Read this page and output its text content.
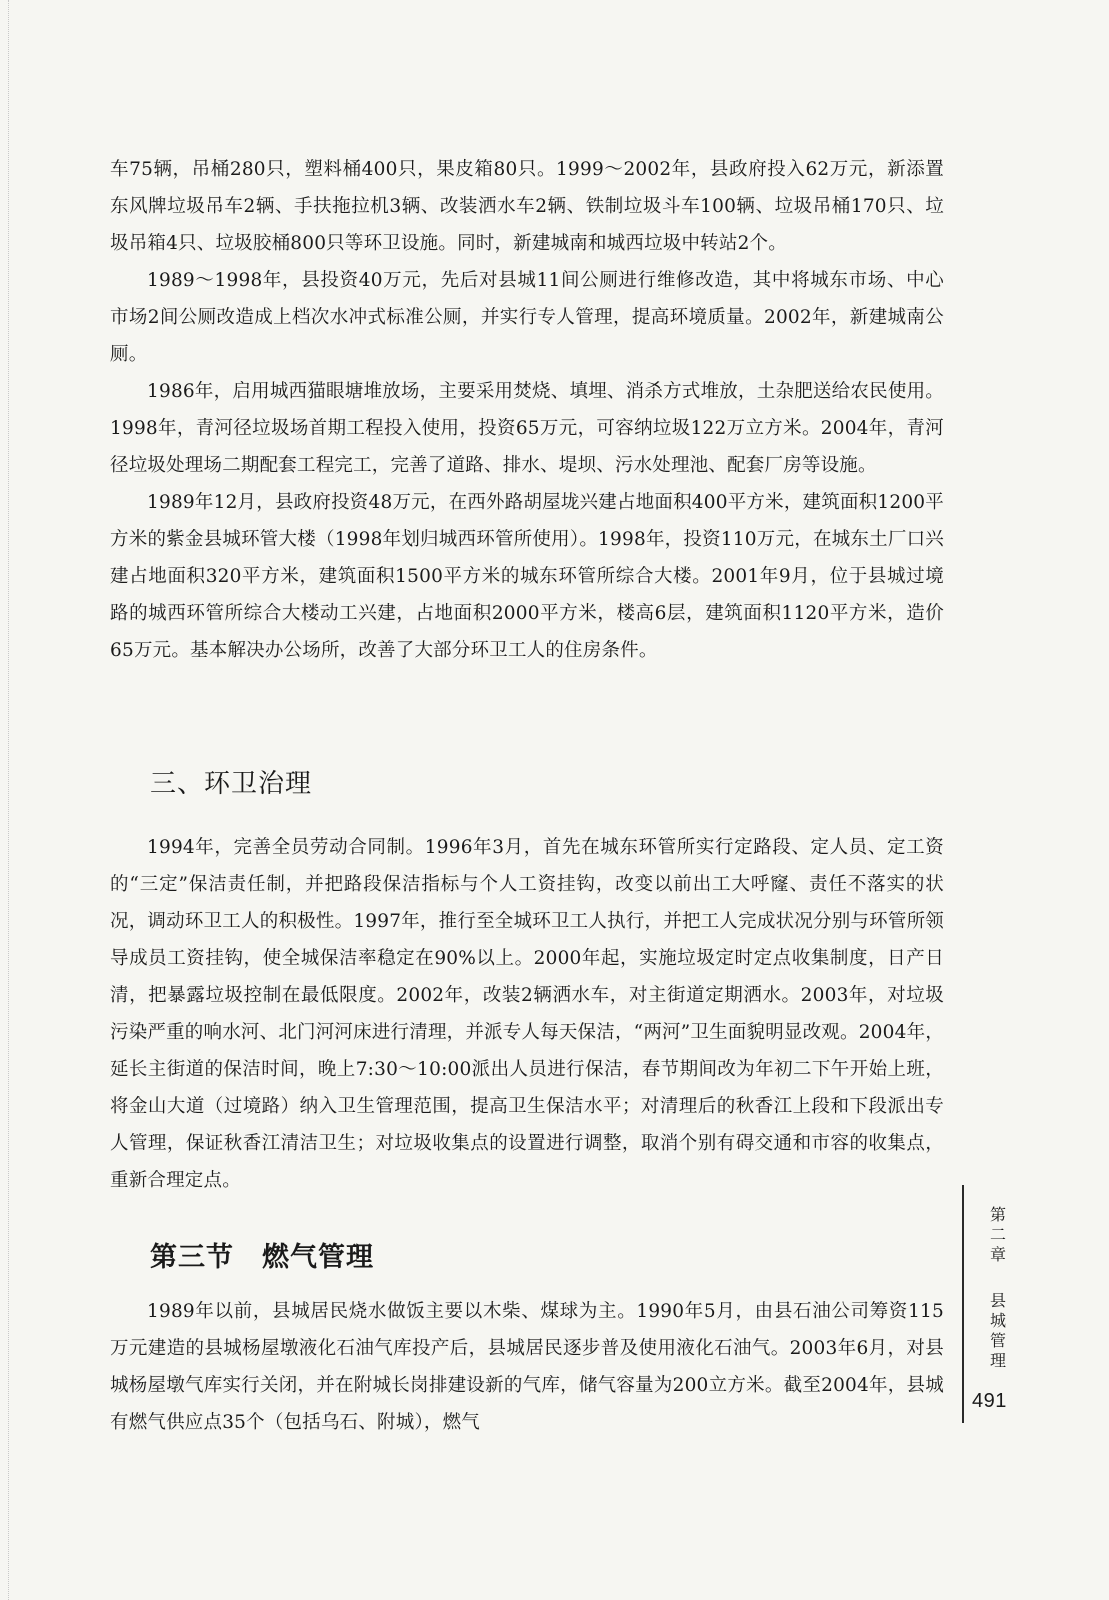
车75辆，吊桶280只，塑料桶400只，果皮箱80只。1999～2002年，县政府投入62万元，新添置东风牌垃圾吊车2辆、手扶拖拉机3辆、改装洒水车2辆、铁制垃圾斗车100辆、垃圾吊桶170只、垃圾吊箱4只、垃圾胶桶800只等环卫设施。同时，新建城南和城西垃圾中转站2个。

1989～1998年，县投资40万元，先后对县城11间公厕进行维修改造，其中将城东市场、中心市场2间公厕改造成上档次水冲式标准公厕，并实行专人管理，提高环境质量。2002年，新建城南公厕。

1986年，启用城西猫眼塘堆放场，主要采用焚烧、填埋、消杀方式堆放，土杂肥送给农民使用。1998年，青河径垃圾场首期工程投入使用，投资65万元，可容纳垃圾122万立方米。2004年，青河径垃圾处理场二期配套工程完工，完善了道路、排水、堤坝、污水处理池、配套厂房等设施。

1989年12月，县政府投资48万元，在西外路胡屋垅兴建占地面积400平方米，建筑面积1200平方米的紫金县城环管大楼（1998年划归城西环管所使用）。1998年，投资110万元，在城东土厂口兴建占地面积320平方米，建筑面积1500平方米的城东环管所综合大楼。2001年9月，位于县城过境路的城西环管所综合大楼动工兴建，占地面积2000平方米，楼高6层，建筑面积1120平方米，造价65万元。基本解决办公场所，改善了大部分环卫工人的住房条件。

三、环卫治理

1994年，完善全员劳动合同制。1996年3月，首先在城东环管所实行定路段、定人员、定工资的“三定”保洁责任制，并把路段保洁指标与个人工资挂钩，改变以前出工大呼窿、责任不落实的状况，调动环卫工人的积极性。1997年，推行至全城环卫工人执行，并把工人完成状况分别与环管所领导成员工资挂钩，使全城保洁率稳定在90%以上。2000年起，实施垃圾定时定点收集制度，日产日清，把暴露垃圾控制在最低限度。2002年，改装2辆洒水车，对主街道定期洒水。2003年，对垃圾污染严重的响水河、北门河河床进行清理，并派专人每天保洁，“两河”卫生面貌明显改观。2004年，延长主街道的保洁时间，晚上7:30～10:00派出人员进行保洁，春节期间改为年初二下午开始上班，将金山大道（过境路）纳入卫生管理范围，提高卫生保洁水平；对清理后的秋香江上段和下段派出专人管理，保证秋香江清洁卫生；对垃圾收集点的设置进行调整，取消个别有碍交通和市容的收集点，重新合理定点。

第三节 燃气管理

1989年以前，县城居民烧水做饭主要以木柴、煤球为主。1990年5月，由县石油公司筹资115万元建造的县城杨屋墩液化石油气库投产后，县城居民逐步普及使用液化石油气。2003年6月，对县城杨屋墩气库实行关闭，并在附城长岗排建设新的气库，储气容量为200立方米。截至2004年，县城有燃气供应点35个（包括乌石、附城），燃气

第二章
县城管理
491
